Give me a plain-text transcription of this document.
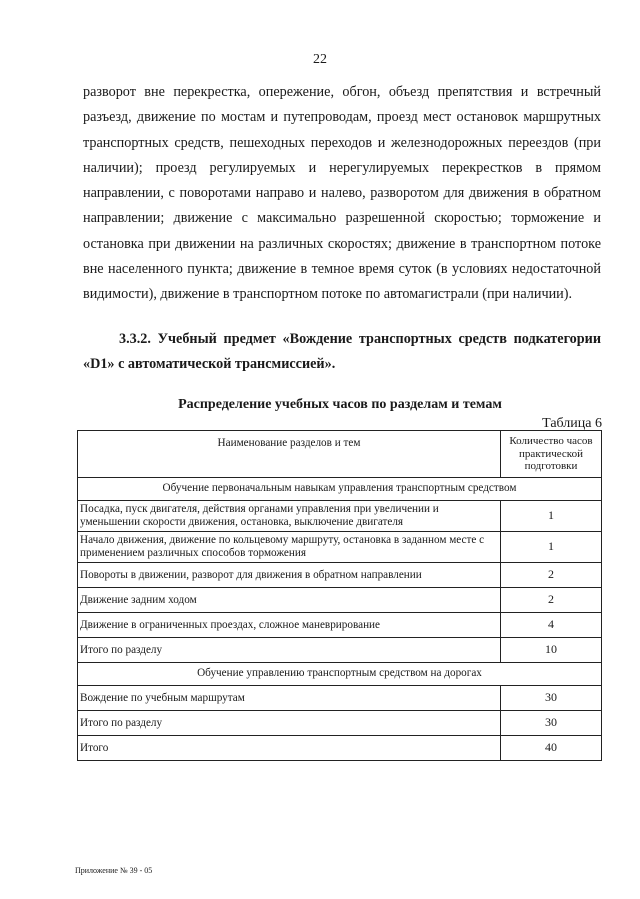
22

разворот вне перекрестка, опережение, обгон, объезд препятствия и встречный разъезд, движение по мостам и путепроводам, проезд мест остановок маршрутных транспортных средств, пешеходных переходов и железнодорожных переездов (при наличии); проезд регулируемых и нерегулируемых перекрестков в прямом направлении, с поворотами направо и налево, разворотом для движения в обратном направлении; движение с максимально разрешенной скоростью; торможение и остановка при движении на различных скоростях; движение в транспортном потоке вне населенного пункта; движение в темное время суток (в условиях недостаточной видимости), движение в транспортном потоке по автомагистрали (при наличии).

3.3.2. Учебный предмет «Вождение транспортных средств подкатегории «D1» с автоматической трансмиссией».
Распределение учебных часов по разделам и темам
Таблица 6
Наименование разделов и тем	Количество часов практической подготовки
Обучение первоначальным навыкам управления транспортным средством	
Посадка, пуск двигателя, действия органами управления при увеличении и уменьшении скорости движения, остановка, выключение двигателя	1
Начало движения, движение по кольцевому маршруту, остановка в заданном месте с применением различных способов торможения	1
Повороты в движении, разворот для движения в обратном направлении	2
Движение задним ходом	2
Движение в ограниченных проездах, сложное маневрирование	4
Итого по разделу	10
Обучение управлению транспортным средством на дорогах	
Вождение по учебным маршрутам	30
Итого по разделу	30
Итого	40
Приложение № 39 - 05
